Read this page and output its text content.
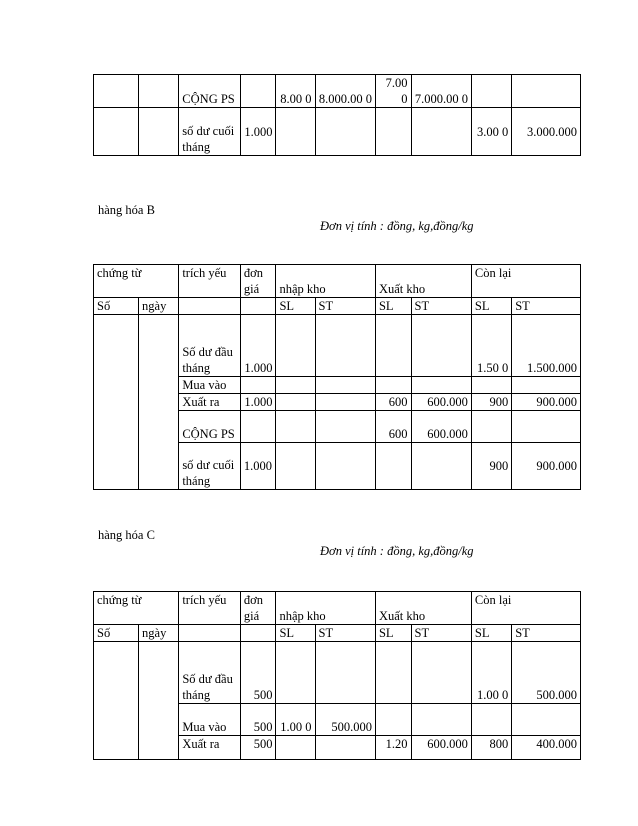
		CỘNG PS		8.00 0	8.000.00 0	7.00 0	7.000.00 0		
		số dư cuối tháng	1.000					3.00 0	3.000.000
hàng hóa B
Đơn vị tính : đồng, kg,đồng/kg
chứng từ		trích yếu	đơn giá	nhập kho		Xuất kho		Còn lại	
Số	ngày			SL	ST	SL	ST	SL	ST
		Số dư đầu tháng	1.000					1.50 0	1.500.000
		Mua vào							
		Xuất ra	1.000			600	600.000	900	900.000
		CỘNG PS				600	600.000		
		số dư cuối tháng	1.000					900	900.000
hàng hóa C
Đơn vị tính : đồng, kg,đồng/kg
chứng từ		trích yếu	đơn giá	nhập kho		Xuất kho		Còn lại	
Số	ngày			SL	ST	SL	ST	SL	ST
		Số dư đầu tháng	500					1.00 0	500.000
		Mua vào	500	1.00 0	500.000				
		Xuất ra	500			1.20	600.000	800	400.000
